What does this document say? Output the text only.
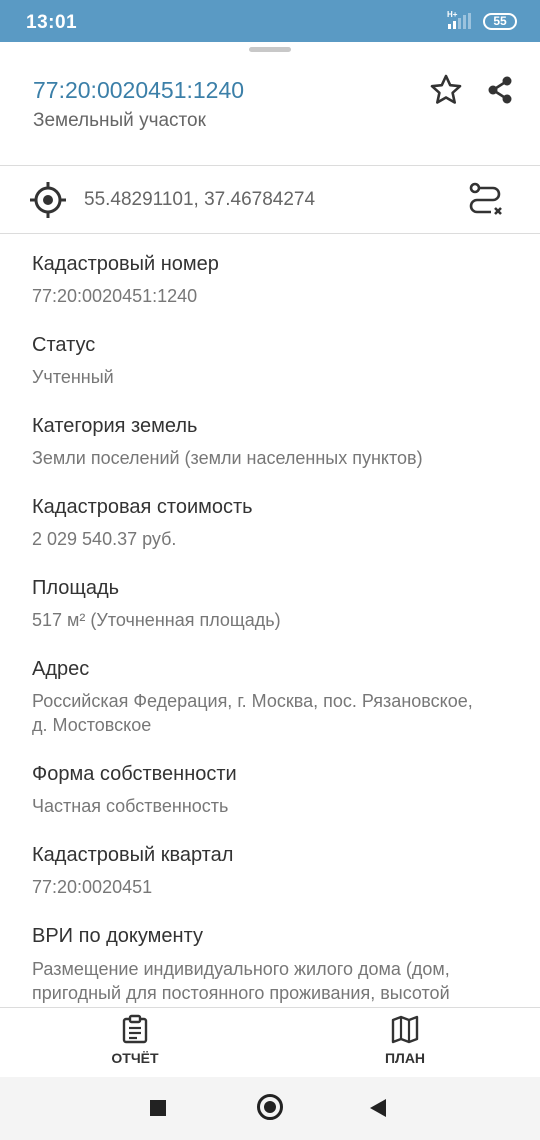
13:01	H+	55
77:20:0020451:1240
Земельный участок
55.48291101, 37.46784274
Кадастровый номер
77:20:0020451:1240
Статус
Учтенный
Категория земель
Земли поселений (земли населенных пунктов)
Кадастровая стоимость
2 029 540.37 руб.
Площадь
517 м² (Уточненная площадь)
Адрес
Российская Федерация, г. Москва, пос. Рязановское,
д. Мостовское
Форма собственности
Частная собственность
Кадастровый квартал
77:20:0020451
ВРИ по документу
Размещение индивидуального жилого дома (дом,
пригодный для постоянного проживания, высотой
ОТЧЁТ	ПЛАН
